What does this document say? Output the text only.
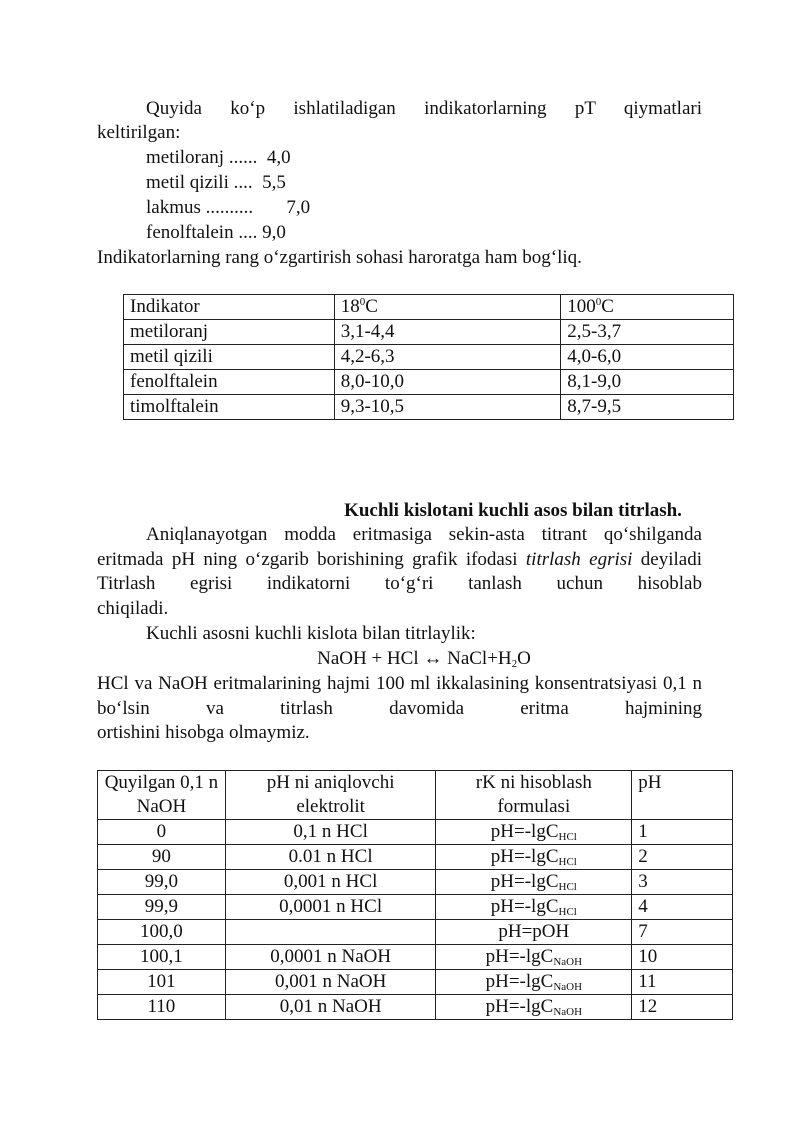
Quyida ko‘p ishlatiladigan indikatorlarning pT qiymatlari

keltirilgan:

metiloranj ......  4,0

metil qizili ....  5,5

lakmus ..........       7,0

fenolftalein .... 9,0

Indikatorlarning rang o‘zgartirish sohasi haroratga ham bog‘liq.

Indikator	$18^0C$	$100^0C$
metiloranj	3,1-4,4	2,5-3,7
metil qizili	4,2-6,3	4,0-6,0
fenolftalein	8,0-10,0	8,1-9,0
timolftalein	9,3-10,5	8,7-9,5

Kuchli kislotani kuchli asos bilan titrlash.

Aniqlanayotgan modda eritmasiga sekin-asta titrant qo‘shilganda eritmada pH ning o‘zgarib borishining grafik ifodasi titrlash egrisi deyiladi Titrlash egrisi indikatorni to‘g‘ri tanlash uchun hisoblab

chiqiladi.

Kuchli asosni kuchli kislota bilan titrlaylik:

NaOH + HCl ↔ $NaCl+H_2O$

HCl va NaOH eritmalarining hajmi 100 ml ikkalasining konsentratsiyasi 0,1 n bo‘lsin va titrlash davomida eritma hajmining

ortishini hisobga olmaymiz.

Quyilgan 0,1 n NaOH	pH ni aniqlovchi elektrolit	rK ni hisoblash formulasi	pH
0	0,1 n HCl	pH=-lgC$_{HCl}$	1
90	0.01 n HCl	pH=-lgC$_{HCl}$	2
99,0	0,001 n HCl	pH=-lgC$_{HCl}$	3
99,9	0,0001 n HCl	pH=-lgC$_{HCl}$	4
100,0		pH=pOH	7
100,1	0,0001 n NaOH	pH=-lgC$_{NaOH}$	10
101	0,001 n NaOH	pH=-lgC$_{NaOH}$	11
110	0,01 n NaOH	pH=-lgC$_{NaOH}$	12
